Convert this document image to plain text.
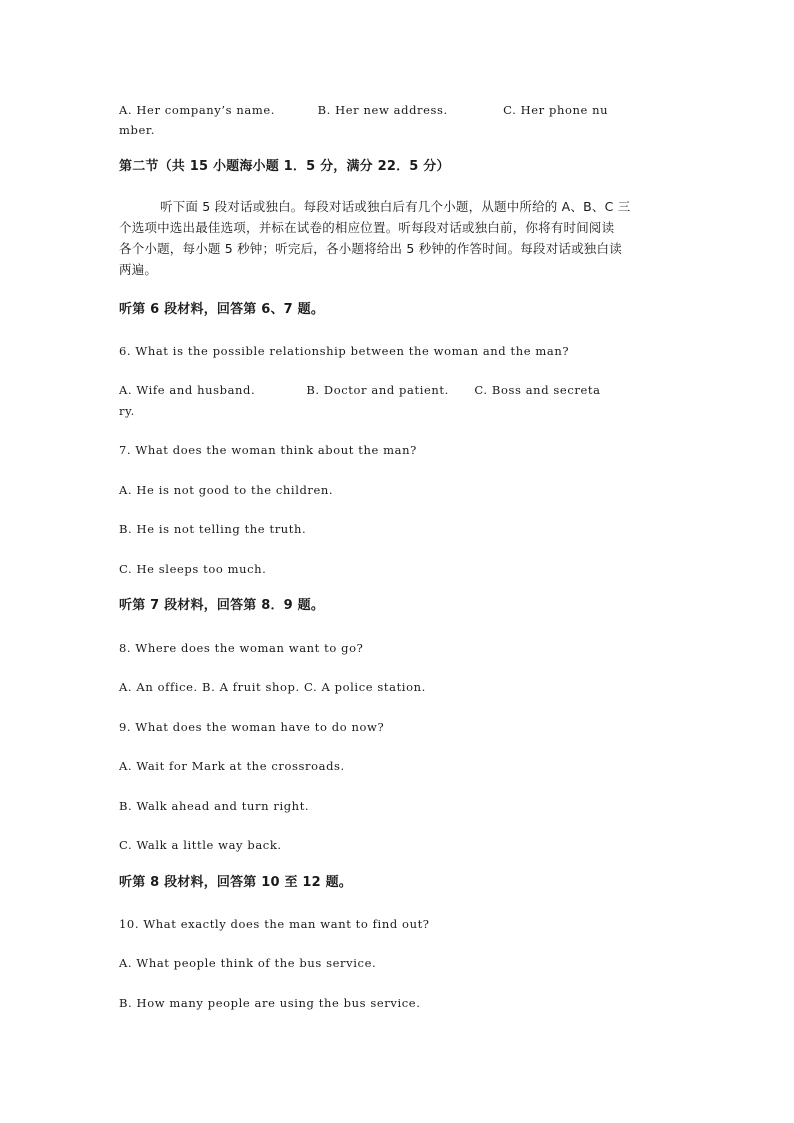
A. Her company’s name.          B. Her new address.             C. Her phone nu
mber.
第二节（共 15 小题海小题 1．5 分，满分 22．5 分）
听下面 5 段对话或独白。每段对话或独白后有几个小题，从题中所给的 A、B、C 三
个选项中选出最佳选项，并标在试卷的相应位置。听每段对话或独白前，你将有时间阅读
各个小题，每小题 5 秒钟；听完后，各小题将给出 5 秒钟的作答时间。每段对话或独白读
两遍。
听第 6 段材料，回答第 6、7 题。
6. What is the possible relationship between the woman and the man?
A. Wife and husband.            B. Doctor and patient.      C. Boss and secreta
ry.
7. What does the woman think about the man?
A. He is not good to the children.
B. He is not telling the truth.
C. He sleeps too much.
听第 7 段材料，回答第 8．9 题。
8. Where does the woman want to go?
A. An office. B. A fruit shop. C. A police station.
9. What does the woman have to do now?
A. Wait for Mark at the crossroads.
B. Walk ahead and turn right.
C. Walk a little way back.
听第 8 段材料，回答第 10 至 12 题。
10. What exactly does the man want to find out?
A. What people think of the bus service.
B. How many people are using the bus service.
